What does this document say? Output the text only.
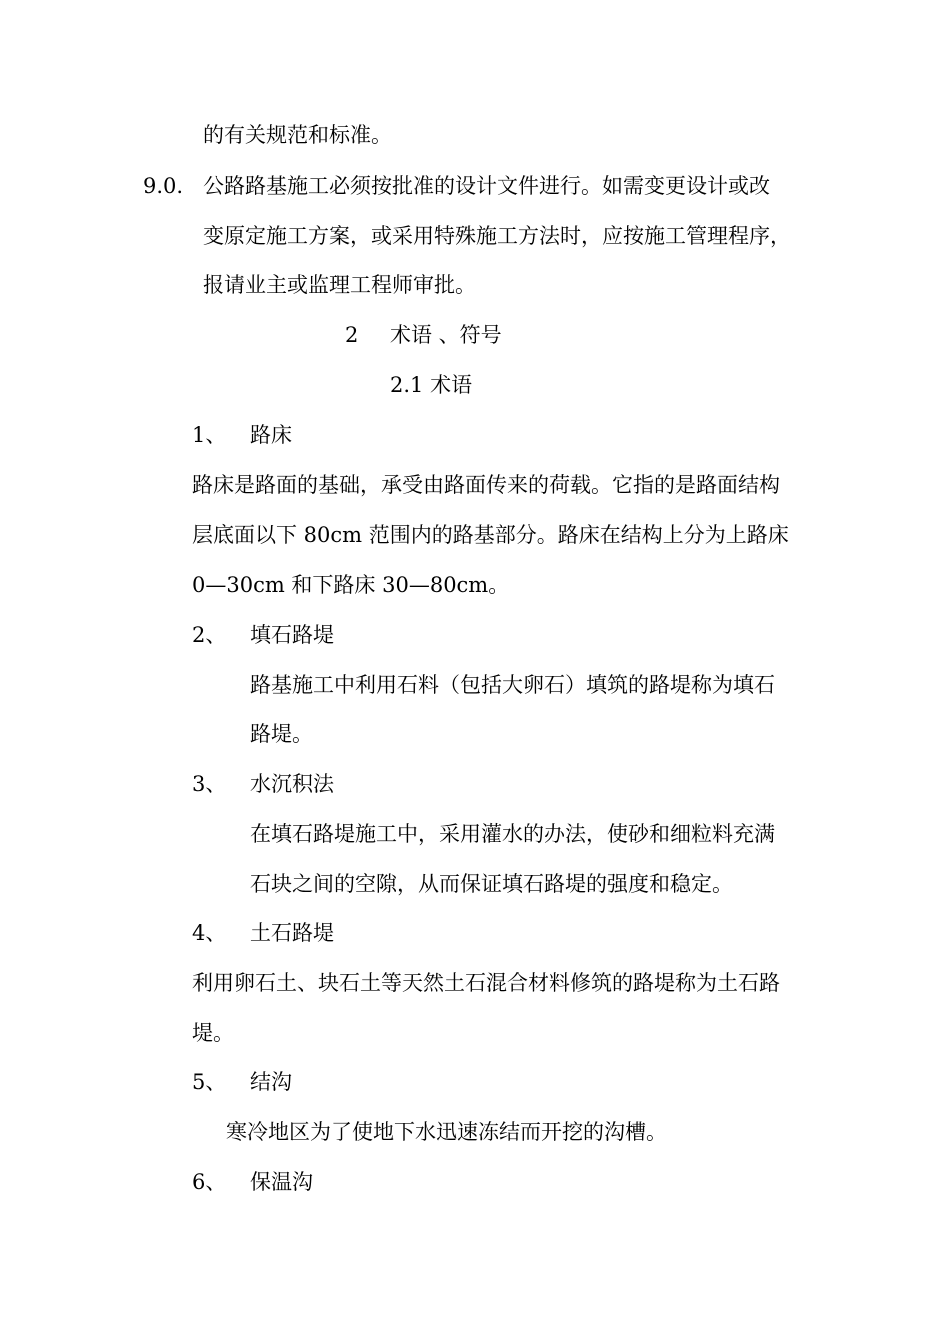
的有关规范和标准。
9.0. 公路路基施工必须按批准的设计文件进行。如需变更设计或改
变原定施工方案，或采用特殊施工方法时，应按施工管理程序，
报请业主或监理工程师审批。
2 术语 、符号
2.1 术语
1、 路床
路床是路面的基础，承受由路面传来的荷载。它指的是路面结构
层底面以下 80cm 范围内的路基部分。路床在结构上分为上路床
0—30cm 和下路床 30—80cm。
2、 填石路堤
路基施工中利用石料（包括大卵石）填筑的路堤称为填石
路堤。
3、 水沉积法
在填石路堤施工中，采用灌水的办法，使砂和细粒料充满
石块之间的空隙，从而保证填石路堤的强度和稳定。
4、 土石路堤
利用卵石土、块石土等天然土石混合材料修筑的路堤称为土石路
堤。
5、 结沟
寒冷地区为了使地下水迅速冻结而开挖的沟槽。
6、 保温沟
